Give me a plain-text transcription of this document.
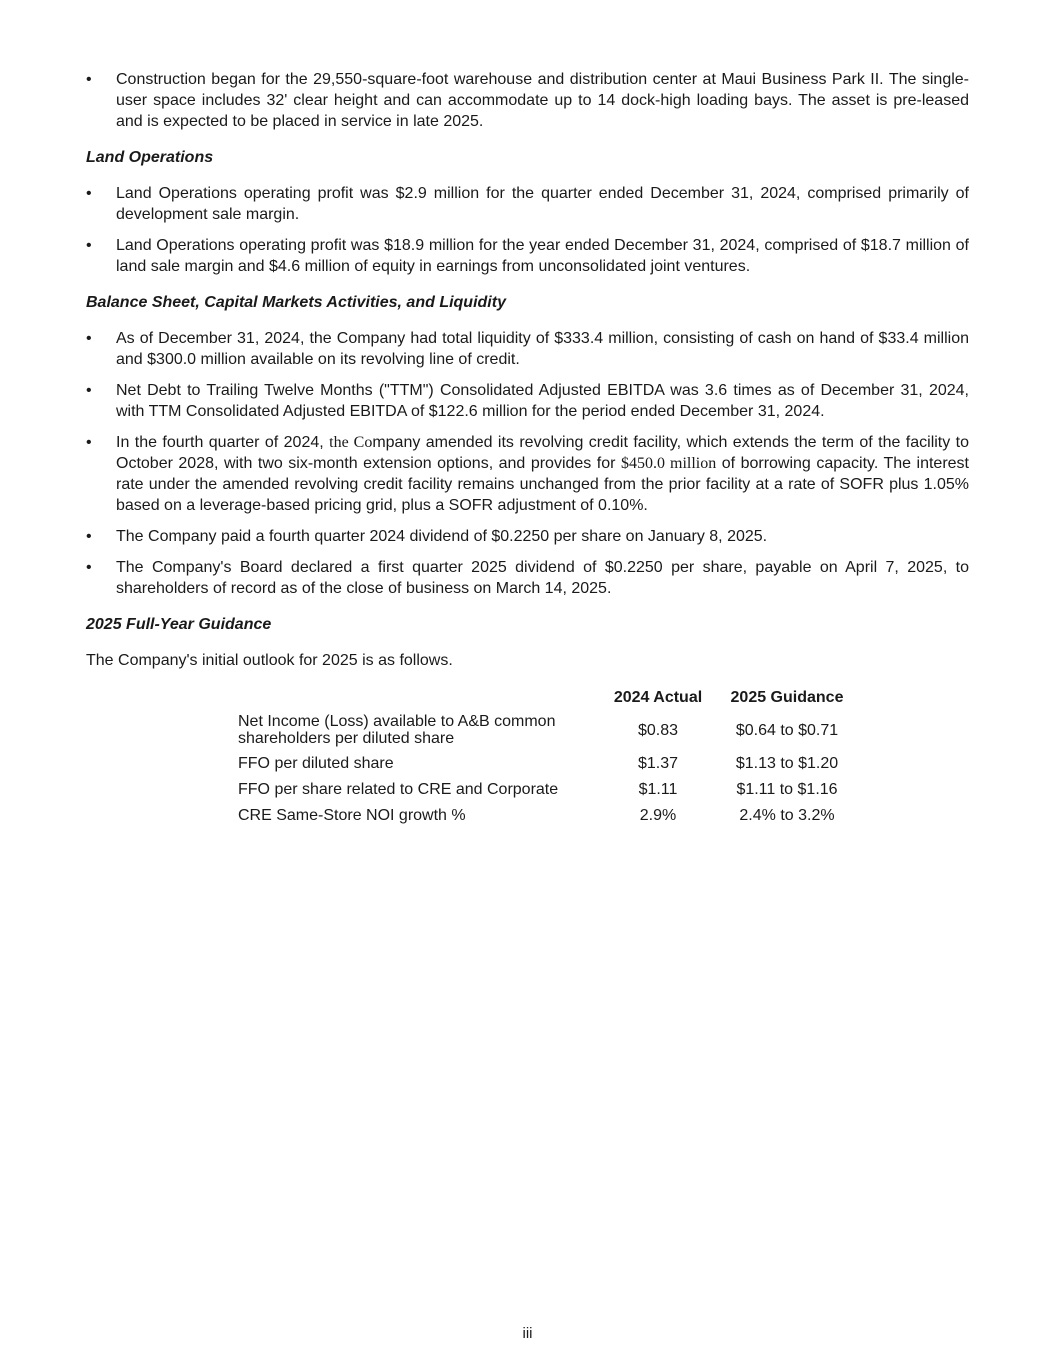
• Construction began for the 29,550-square-foot warehouse and distribution center at Maui Business Park II. The single-user space includes 32' clear height and can accommodate up to 14 dock-high loading bays. The asset is pre-leased and is expected to be placed in service in late 2025.

Land Operations

• Land Operations operating profit was $2.9 million for the quarter ended December 31, 2024, comprised primarily of development sale margin.

• Land Operations operating profit was $18.9 million for the year ended December 31, 2024, comprised of $18.7 million of land sale margin and $4.6 million of equity in earnings from unconsolidated joint ventures.

Balance Sheet, Capital Markets Activities, and Liquidity

• As of December 31, 2024, the Company had total liquidity of $333.4 million, consisting of cash on hand of $33.4 million and $300.0 million available on its revolving line of credit.

• Net Debt to Trailing Twelve Months ("TTM") Consolidated Adjusted EBITDA was 3.6 times as of December 31, 2024, with TTM Consolidated Adjusted EBITDA of $122.6 million for the period ended December 31, 2024.

• In the fourth quarter of 2024, the Company amended its revolving credit facility, which extends the term of the facility to October 2028, with two six-month extension options, and provides for $450.0 million of borrowing capacity. The interest rate under the amended revolving credit facility remains unchanged from the prior facility at a rate of SOFR plus 1.05% based on a leverage-based pricing grid, plus a SOFR adjustment of 0.10%.

• The Company paid a fourth quarter 2024 dividend of $0.2250 per share on January 8, 2025.

• The Company's Board declared a first quarter 2025 dividend of $0.2250 per share, payable on April 7, 2025, to shareholders of record as of the close of business on March 14, 2025.

2025 Full-Year Guidance
The Company's initial outlook for 2025 is as follows.
	2024 Actual	2025 Guidance

Net Income (Loss) available to A&B common
shareholders per diluted share	$0.83	$0.64 to $0.71
FFO per diluted share	$1.37	$1.13 to $1.20
FFO per share related to CRE and Corporate	$1.11	$1.11 to $1.16
CRE Same-Store NOI growth %	2.9%	2.4% to 3.2%
iii
